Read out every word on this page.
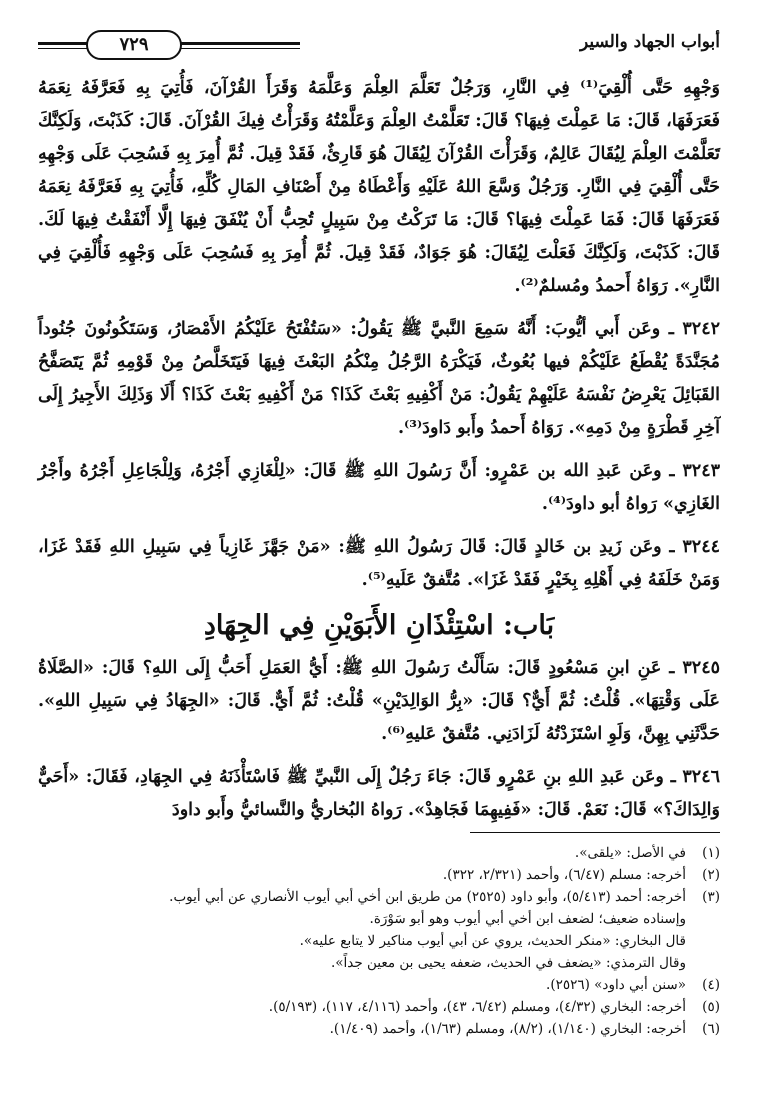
أبواب الجهاد والسير
٧٢٩

وَجْهِهِ حَتَّى أُلْقِيَ⁽¹⁾ فِي النَّارِ، وَرَجُلٌ تَعَلَّمَ العِلْمَ وَعَلَّمَهُ وَقَرَأَ القُرْآنَ، فَأُتِيَ بِهِ فَعَرَّفَهُ نِعَمَهُ فَعَرَفَهَا، قَالَ: مَا عَمِلْتَ فِيهَا؟ قَالَ: تَعَلَّمْتُ العِلْمَ وَعَلَّمْتُهُ وَقَرَأْتُ فِيكَ القُرْآنَ. قَالَ: كَذَبْتَ، وَلَكِنَّكَ تَعَلَّمْتَ العِلْمَ لِيُقَالَ عَالِمٌ، وَقَرَأْتَ القُرْآنَ لِيُقَالَ هُوَ قَارِئٌ، فَقَدْ قِيلَ. ثُمَّ أُمِرَ بِهِ فَسُحِبَ عَلَى وَجْهِهِ حَتَّى أُلْقِيَ فِي النَّارِ. وَرَجُلٌ وَسَّعَ اللهُ عَلَيْهِ وَأَعْطَاهُ مِنْ أَصْنَافِ المَالِ كُلِّهِ، فَأُتِيَ بِهِ فَعَرَّفَهُ نِعَمَهُ فَعَرَفَهَا قَالَ: فَمَا عَمِلْتَ فِيهَا؟ قَالَ: مَا تَرَكْتُ مِنْ سَبِيلٍ تُحِبُّ أَنْ يُنْفَقَ فِيهَا إِلَّا أَنْفَقْتُ فِيهَا لَكَ. قَالَ: كَذَبْتَ، وَلَكِنَّكَ فَعَلْتَ لِيُقَالَ: هُوَ جَوَادٌ، فَقَدْ قِيلَ. ثُمَّ أُمِرَ بِهِ فَسُحِبَ عَلَى وَجْهِهِ فَأُلْقِيَ فِي النَّارِ». رَوَاهُ أَحمدُ ومُسلمٌ⁽²⁾.

٣٢٤٢ ـ وعَن أَبي أيُّوبَ: أَنَّهُ سَمِعَ النَّبيَّ ﷺ يَقُولُ: «سَتُفْتَحُ عَلَيْكُمُ الأَمْصَارُ، وَسَتَكُونُونَ جُنُوداً مُجَنَّدَةً يُقْطَعُ عَلَيْكُمْ فيها بُعُوثٌ، فَيَكْرَهُ الرَّجُلُ مِنْكُمُ البَعْثَ فِيهَا فَيَتَخَلَّصُ مِنْ قَوْمِهِ ثُمَّ يَتَصَفَّحُ القَبَائِلَ يَعْرِضُ نَفْسَهُ عَلَيْهِمْ يَقُولُ: مَنْ أَكْفِيهِ بَعْثَ كَذَا؟ مَنْ أَكْفِيهِ بَعْثَ كَذَا؟ أَلَا وَذَلِكَ الأَجِيرُ إِلَى آخِرِ قَطْرَةٍ مِنْ دَمِهِ». رَوَاهُ أَحمدُ وأَبو دَاودَ⁽³⁾.

٣٢٤٣ ـ وعَن عَبدِ الله بن عَمْرٍو: أَنَّ رَسُولَ اللهِ ﷺ قَالَ: «لِلْغَازِي أَجْرُهُ، وَلِلْجَاعِلِ أَجْرُهُ وأَجْرُ الغَازِي» رَواهُ أبو داودَ⁽⁴⁾.

٣٢٤٤ ـ وعَن زَيدِ بن خَالدٍ قَالَ: قَالَ رَسُولُ اللهِ ﷺ: «مَنْ جَهَّزَ غَازِياً فِي سَبِيلِ اللهِ فَقَدْ غَزَا، وَمَنْ خَلَفَهُ فِي أَهْلِهِ بِخَيْرٍ فَقَدْ غَزَا». مُتَّفقٌ عَلَيهِ⁽⁵⁾.

بَاب: اسْتِئْذَانِ الأَبَوَيْنِ فِي الجِهَادِ

٣٢٤٥ ـ عَنِ ابنِ مَسْعُودٍ قَالَ: سَأَلْتُ رَسُولَ اللهِ ﷺ: أَيُّ العَمَلِ أَحَبُّ إِلَى اللهِ؟ قَالَ: «الصَّلَاةُ عَلَى وَقْتِهَا». قُلْتُ: ثُمَّ أَيٌّ؟ قَالَ: «بِرُّ الوَالِدَيْنِ» قُلْتُ: ثُمَّ أَيٌّ. قَالَ: «الجِهَادُ فِي سَبِيلِ اللهِ». حَدَّثَنِي بِهِنَّ، وَلَوِ اسْتَزَدْتُهُ لَزَادَنِي. مُتَّفقٌ عَليهِ⁽⁶⁾.

٣٢٤٦ ـ وعَن عَبدِ اللهِ بنِ عَمْرٍو قَالَ: جَاءَ رَجُلٌ إِلَى النَّبيِّ ﷺ فَاسْتَأْذَنَهُ فِي الجِهَادِ، فَقَالَ: «أَحَيٌّ وَالِدَاكَ؟» قَالَ: نَعَمْ. قَالَ: «فَفِيهِمَا فَجَاهِدْ». رَواهُ البُخاريُّ والنَّسائيُّ وأَبو داودَ

(١)
في الأصل: «يلقى».
(٢)
أخرجه: مسلم (٦/٤٧)، وأحمد (٢/٣٢١، ٣٢٢).
(٣)
أخرجه: أحمد (٥/٤١٣)، وأبو داود (٢٥٢٥) من طريق ابن أخي أبي أيوب الأنصاري عن أبي أيوب.
وإسناده ضعيف؛ لضعف ابن أخي أبي أيوب وهو أبو سَوْرَة.
قال البخاري: «منكر الحديث، يروي عن أبي أيوب مناكير لا يتابع عليه».
وقال الترمذي: «يضعف في الحديث، ضعفه يحيى بن معين جداً».
(٤)
«سنن أبي داود» (٢٥٢٦).
(٥)
أخرجه: البخاري (٤/٣٢)، ومسلم (٦/٤٢، ٤٣)، وأحمد (٤/١١٦، ١١٧)، (٥/١٩٣).
(٦)
أخرجه: البخاري (١/١٤٠)، (٨/٢)، ومسلم (١/٦٣)، وأحمد (١/٤٠٩).
